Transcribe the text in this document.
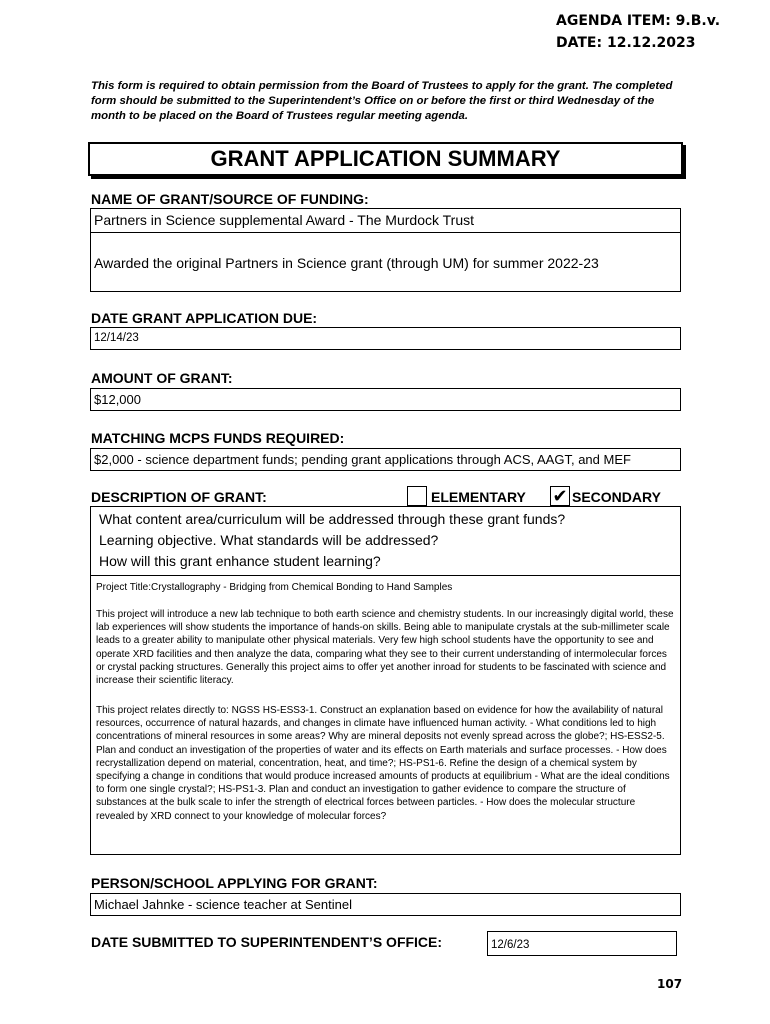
AGENDA ITEM: 9.B.v.
DATE: 12.12.2023
This form is required to obtain permission from the Board of Trustees to apply for the grant. The completed form should be submitted to the Superintendent’s Office on or before the first or third Wednesday of the month to be placed on the Board of Trustees regular meeting agenda.
GRANT APPLICATION SUMMARY
NAME OF GRANT/SOURCE OF FUNDING:
Partners in Science supplemental Award - The Murdock Trust
Awarded the original Partners in Science grant (through UM) for summer 2022-23
DATE GRANT APPLICATION DUE:
12/14/23
AMOUNT OF GRANT:
$12,000
MATCHING MCPS FUNDS REQUIRED:
$2,000 - science department funds; pending grant applications through ACS, AAGT, and MEF
DESCRIPTION OF GRANT:	ELEMENTARY ✔ SECONDARY
What content area/curriculum will be addressed through these grant funds?
Learning objective. What standards will be addressed?
How will this grant enhance student learning?
Project Title:Crystallography - Bridging from Chemical Bonding to Hand Samples
This project will introduce a new lab technique to both earth science and chemistry students. In our increasingly digital world, these lab experiences will show students the importance of hands-on skills. Being able to manipulate crystals at the sub-millimeter scale leads to a greater ability to manipulate other physical materials. Very few high school students have the opportunity to see and operate XRD facilities and then analyze the data, comparing what they see to their current understanding of intermolecular forces or crystal packing structures. Generally this project aims to offer yet another inroad for students to be fascinated with science and increase their scientific literacy.
This project relates directly to: NGSS HS-ESS3-1. Construct an explanation based on evidence for how the availability of natural resources, occurrence of natural hazards, and changes in climate have influenced human activity. - What conditions led to high concentrations of mineral resources in some areas? Why are mineral deposits not evenly spread across the globe?; HS-ESS2-5. Plan and conduct an investigation of the properties of water and its effects on Earth materials and surface processes. - How does recrystallization depend on material, concentration, heat, and time?; HS-PS1-6. Refine the design of a chemical system by specifying a change in conditions that would produce increased amounts of products at equilibrium - What are the ideal conditions to form one single crystal?; HS-PS1-3. Plan and conduct an investigation to gather evidence to compare the structure of substances at the bulk scale to infer the strength of electrical forces between particles. - How does the molecular structure revealed by XRD connect to your knowledge of molecular forces?
PERSON/SCHOOL APPLYING FOR GRANT:
Michael Jahnke - science teacher at Sentinel
DATE SUBMITTED TO SUPERINTENDENT’S OFFICE:	12/6/23
107
